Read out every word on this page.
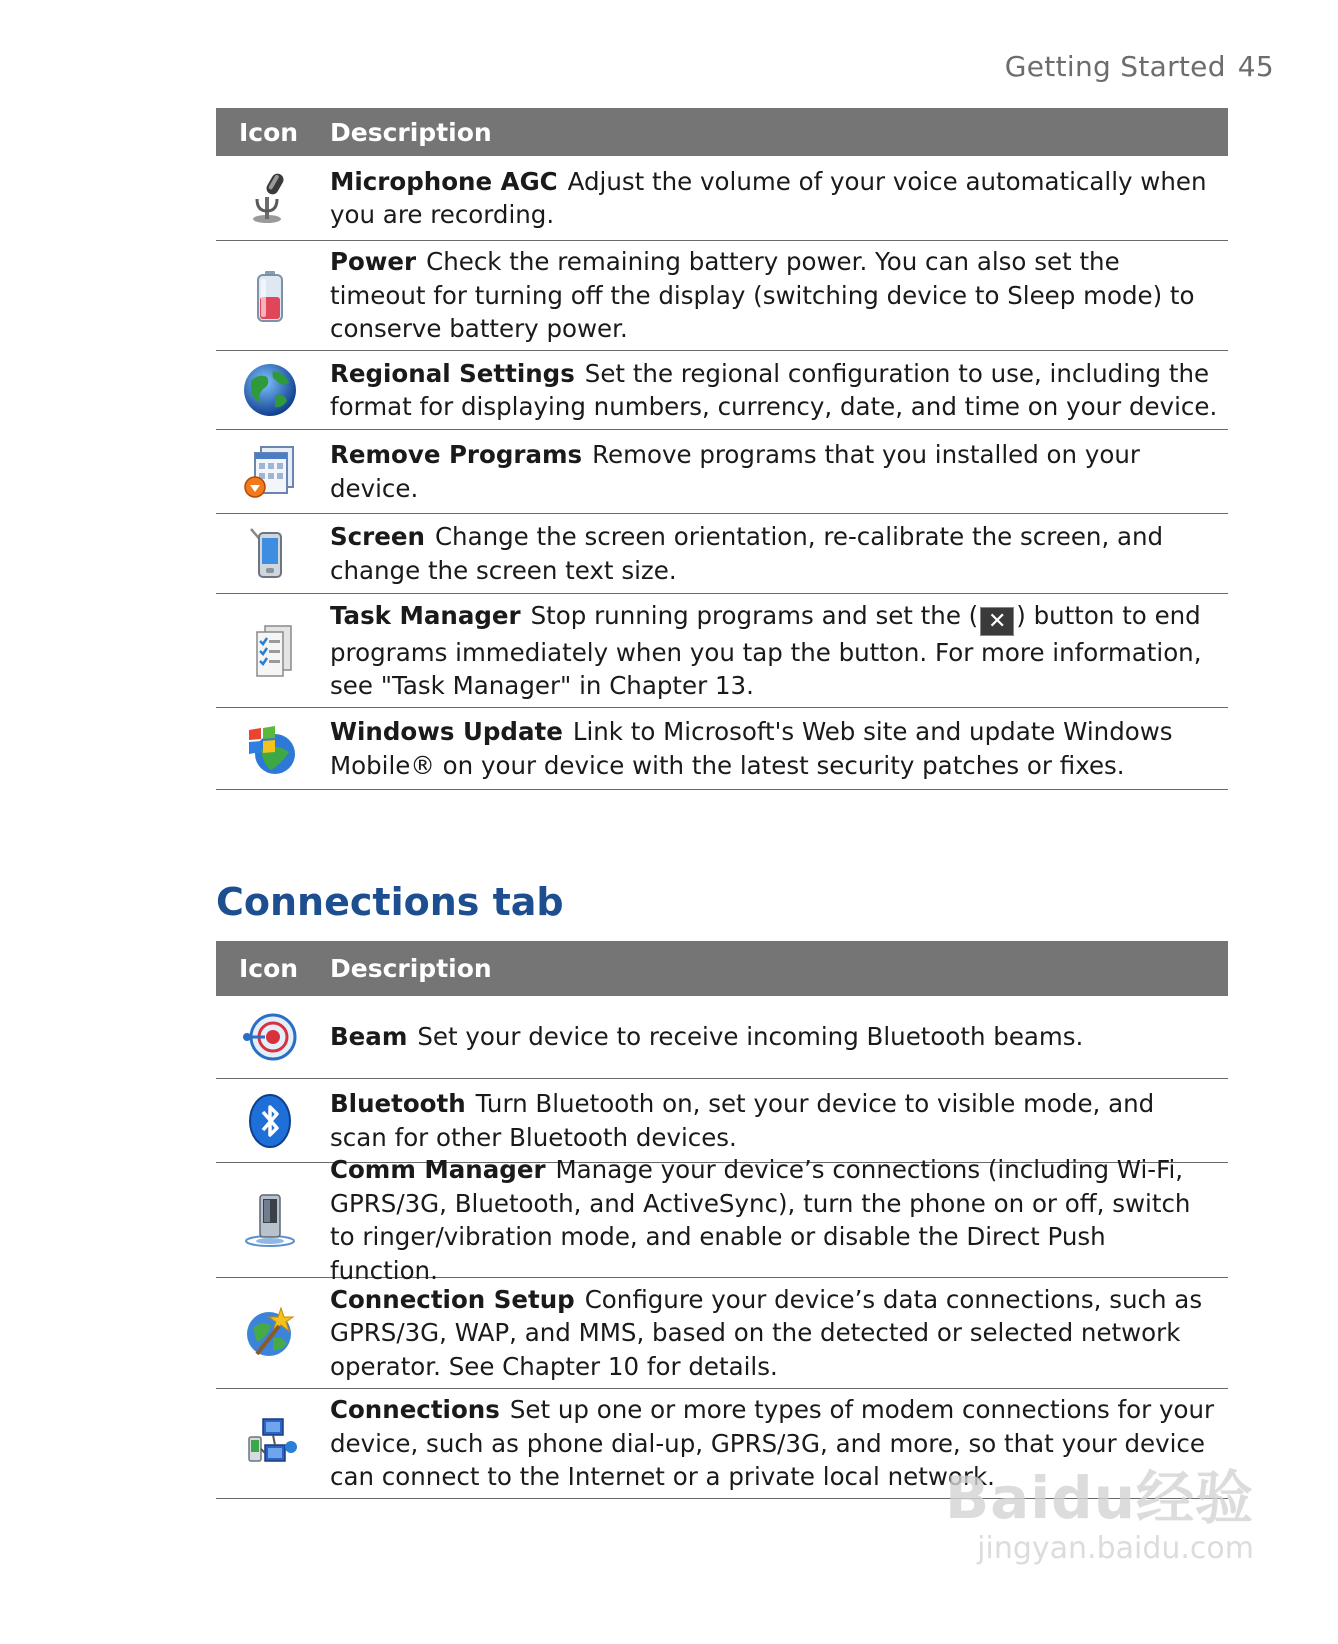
Getting Started 45
Icon	Description
Microphone AGC Adjust the volume of your voice automatically when you are recording.
Power Check the remaining battery power. You can also set the timeout for turning off the display (switching device to Sleep mode) to conserve battery power.
Regional Settings Set the regional configuration to use, including the format for displaying numbers, currency, date, and time on your device.
Remove Programs Remove programs that you installed on your device.
Screen Change the screen orientation, re-calibrate the screen, and change the screen text size.
Task Manager Stop running programs and set the ( ✕ ) button to end programs immediately when you tap the button. For more information, see "Task Manager" in Chapter 13.
Windows Update Link to Microsoft's Web site and update Windows Mobile® on your device with the latest security patches or fixes.
Connections tab
Icon	Description
Beam Set your device to receive incoming Bluetooth beams.
Bluetooth Turn Bluetooth on, set your device to visible mode, and scan for other Bluetooth devices.
Comm Manager Manage your device’s connections (including Wi-Fi, GPRS/3G, Bluetooth, and ActiveSync), turn the phone on or off, switch to ringer/vibration mode, and enable or disable the Direct Push function.
Connection Setup Configure your device’s data connections, such as GPRS/3G, WAP, and MMS, based on the detected or selected network operator. See Chapter 10 for details.
Connections Set up one or more types of modem connections for your device, such as phone dial-up, GPRS/3G, and more, so that your device can connect to the Internet or a private local network.
Baidu经验
jingyan.baidu.com
